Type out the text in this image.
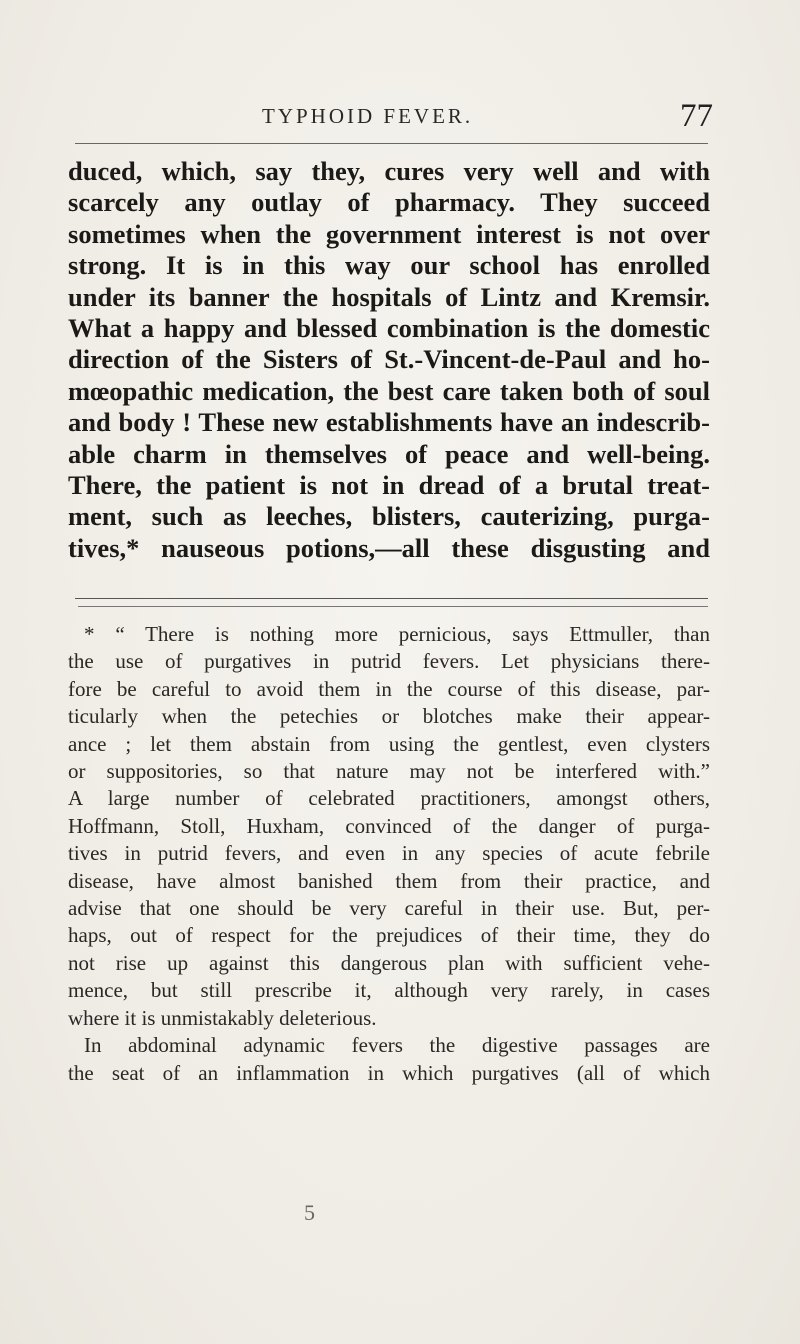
TYPHOID FEVER.	77
duced, which, say they, cures very well and with
scarcely any outlay of pharmacy. They succeed
sometimes when the government interest is not over
strong. It is in this way our school has enrolled
under its banner the hospitals of Lintz and Kremsir.
What a happy and blessed combination is the domestic
direction of the Sisters of St.-Vincent-de-Paul and ho-
mœopathic medication, the best care taken both of soul
and body ! These new establishments have an indescrib-
able charm in themselves of peace and well-being.
There, the patient is not in dread of a brutal treat-
ment, such as leeches, blisters, cauterizing, purga-
tives,* nauseous potions,—all these disgusting and
* “ There is nothing more pernicious, says Ettmuller, than
the use of purgatives in putrid fevers. Let physicians there-
fore be careful to avoid them in the course of this disease, par-
ticularly when the petechies or blotches make their appear-
ance ; let them abstain from using the gentlest, even clysters
or suppositories, so that nature may not be interfered with.”
A large number of celebrated practitioners, amongst others,
Hoffmann, Stoll, Huxham, convinced of the danger of purga-
tives in putrid fevers, and even in any species of acute febrile
disease, have almost banished them from their practice, and
advise that one should be very careful in their use. But, per-
haps, out of respect for the prejudices of their time, they do
not rise up against this dangerous plan with sufficient vehe-
mence, but still prescribe it, although very rarely, in cases
where it is unmistakably deleterious.
In abdominal adynamic fevers the digestive passages are
the seat of an inflammation in which purgatives (all of which
5
